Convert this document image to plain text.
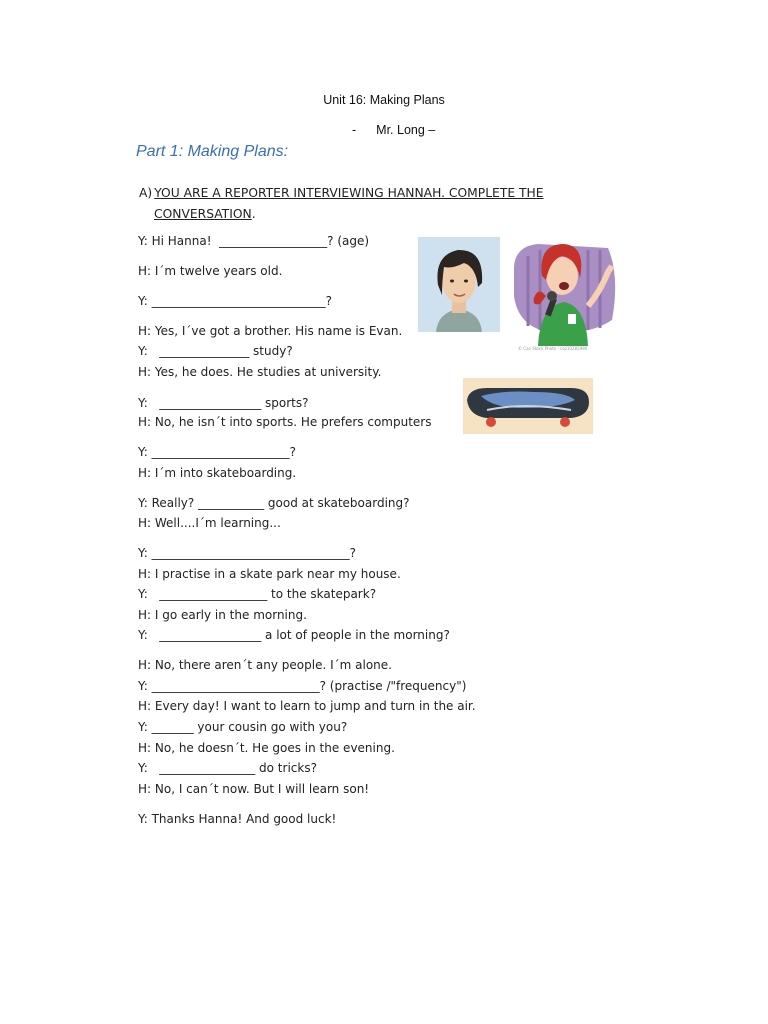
Unit 16: Making Plans
- Mr. Long –
Part 1: Making Plans:
A) YOU ARE A REPORTER INTERVIEWING HANNAH. COMPLETE THE
CONVERSATION.
Y: Hi Hanna!  __________________? (age)
H: I´m twelve years old.
Y: _____________________________?
H: Yes, I´ve got a brother. His name is Evan.
Y:   _______________ study?
H: Yes, he does. He studies at university.
Y:   _________________ sports?
H: No, he isn´t into sports. He prefers computers
Y: _______________________?
H: I´m into skateboarding.
Y: Really? ___________ good at skateboarding?
H: Well....I´m learning...
Y: _________________________________?
H: I practise in a skate park near my house.
Y:   __________________ to the skatepark?
H: I go early in the morning.
Y:   _________________ a lot of people in the morning?
H: No, there aren´t any people. I´m alone.
Y: ____________________________? (practise /"frequency")
H: Every day! I want to learn to jump and turn in the air.
Y: _______ your cousin go with you?
H: No, he doesn´t. He goes in the evening.
Y:   ________________ do tricks?
H: No, I can´t now. But I will learn son!
Y: Thanks Hanna! And good luck!
© Can Stock Photo - csp10285990
